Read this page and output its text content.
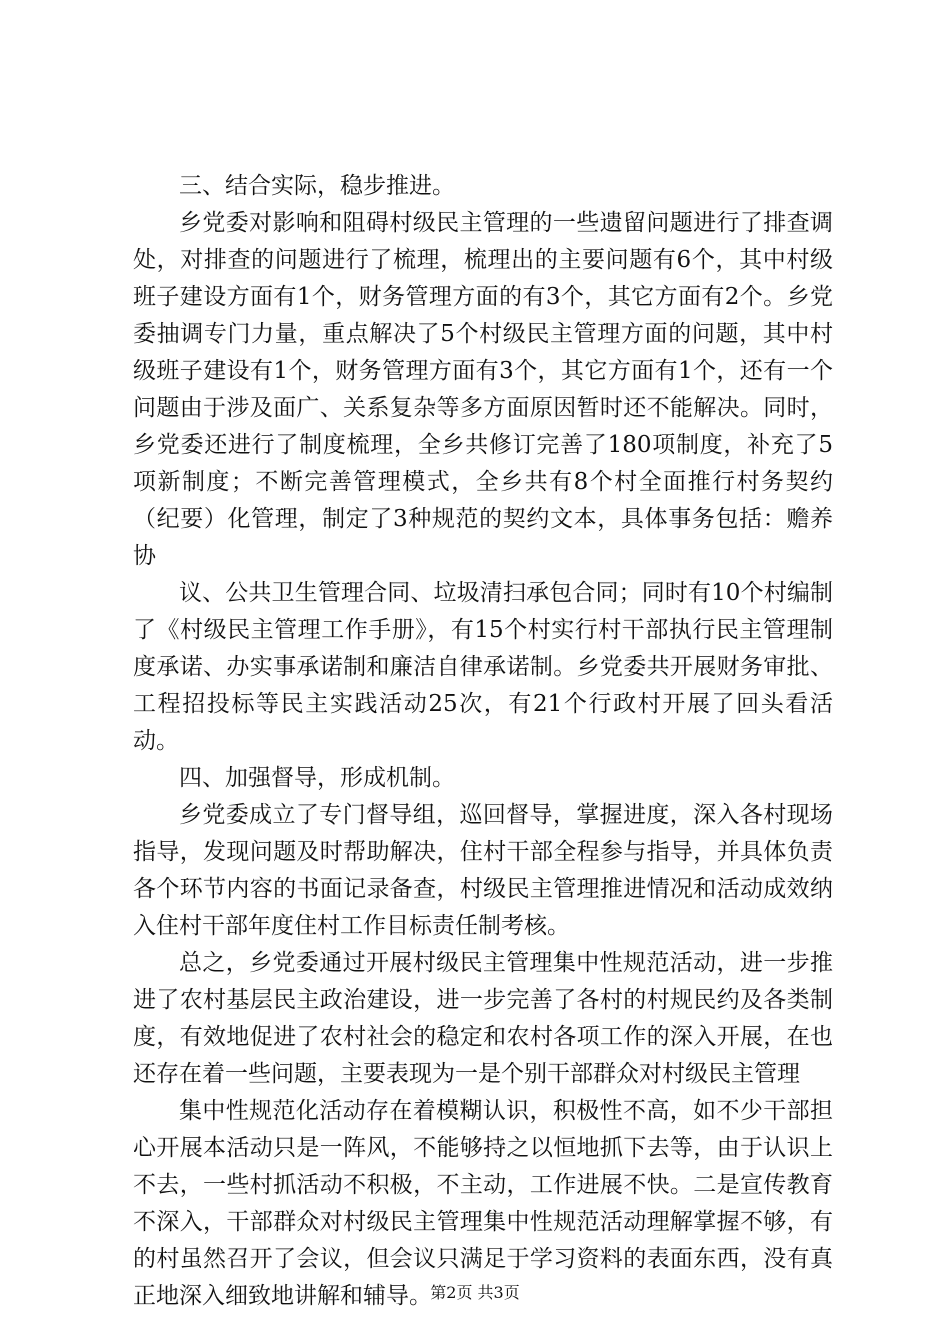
三、结合实际，稳步推进。

乡党委对影响和阻碍村级民主管理的一些遗留问题进行了排查调处，对排查的问题进行了梳理，梳理出的主要问题有6个，其中村级班子建设方面有1个，财务管理方面的有3个，其它方面有2个。乡党委抽调专门力量，重点解决了5个村级民主管理方面的问题，其中村级班子建设有1个，财务管理方面有3个，其它方面有1个，还有一个问题由于涉及面广、关系复杂等多方面原因暂时还不能解决。同时，乡党委还进行了制度梳理，全乡共修订完善了180项制度，补充了5项新制度；不断完善管理模式，全乡共有8个村全面推行村务契约（纪要）化管理，制定了3种规范的契约文本，具体事务包括：赡养协

议、公共卫生管理合同、垃圾清扫承包合同；同时有10个村编制了《村级民主管理工作手册》，有15个村实行村干部执行民主管理制度承诺、办实事承诺制和廉洁自律承诺制。乡党委共开展财务审批、工程招投标等民主实践活动25次，有21个行政村开展了回头看活动。

四、加强督导，形成机制。

乡党委成立了专门督导组，巡回督导，掌握进度，深入各村现场指导，发现问题及时帮助解决，住村干部全程参与指导，并具体负责各个环节内容的书面记录备查，村级民主管理推进情况和活动成效纳入住村干部年度住村工作目标责任制考核。

总之，乡党委通过开展村级民主管理集中性规范活动，进一步推进了农村基层民主政治建设，进一步完善了各村的村规民约及各类制度，有效地促进了农村社会的稳定和农村各项工作的深入开展，在也还存在着一些问题，主要表现为一是个别干部群众对村级民主管理

集中性规范化活动存在着模糊认识，积极性不高，如不少干部担心开展本活动只是一阵风，不能够持之以恒地抓下去等，由于认识上不去，一些村抓活动不积极，不主动，工作进展不快。二是宣传教育不深入，干部群众对村级民主管理集中性规范活动理解掌握不够，有的村虽然召开了会议，但会议只满足于学习资料的表面东西，没有真正地深入细致地讲解和辅导。

第2页 共3页
